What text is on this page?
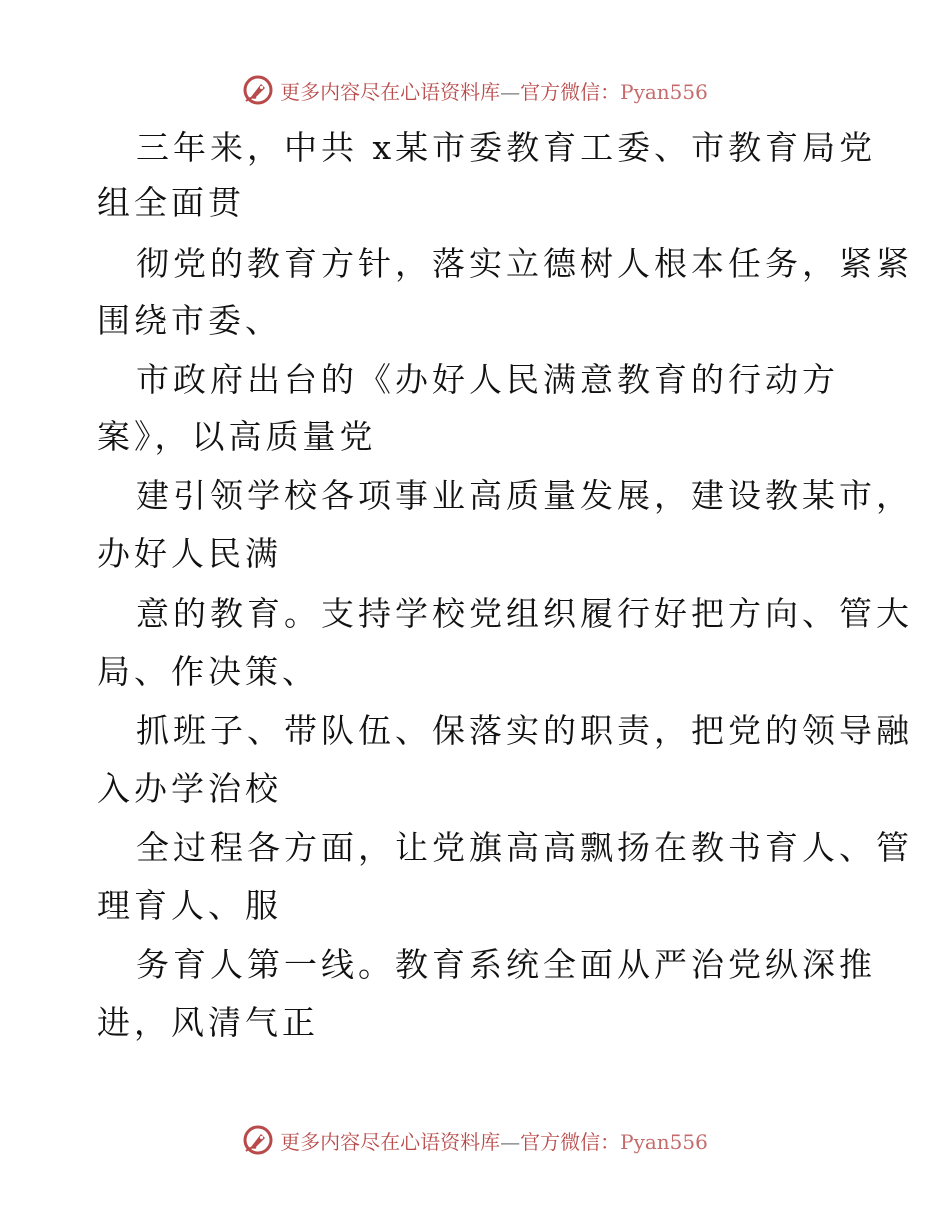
更多内容尽在心语资料库—官方微信：Pyan556
三年来，中共 x某市委教育工委、市教育局党
组全面贯
彻党的教育方针，落实立德树人根本任务，紧紧
围绕市委、
市政府出台的《办好人民满意教育的行动方
案》，以高质量党
建引领学校各项事业高质量发展，建设教某市，
办好人民满
意的教育。支持学校党组织履行好把方向、管大
局、作决策、
抓班子、带队伍、保落实的职责，把党的领导融
入办学治校
全过程各方面，让党旗高高飘扬在教书育人、管
理育人、服
务育人第一线。教育系统全面从严治党纵深推
进，风清气正
更多内容尽在心语资料库—官方微信：Pyan556
